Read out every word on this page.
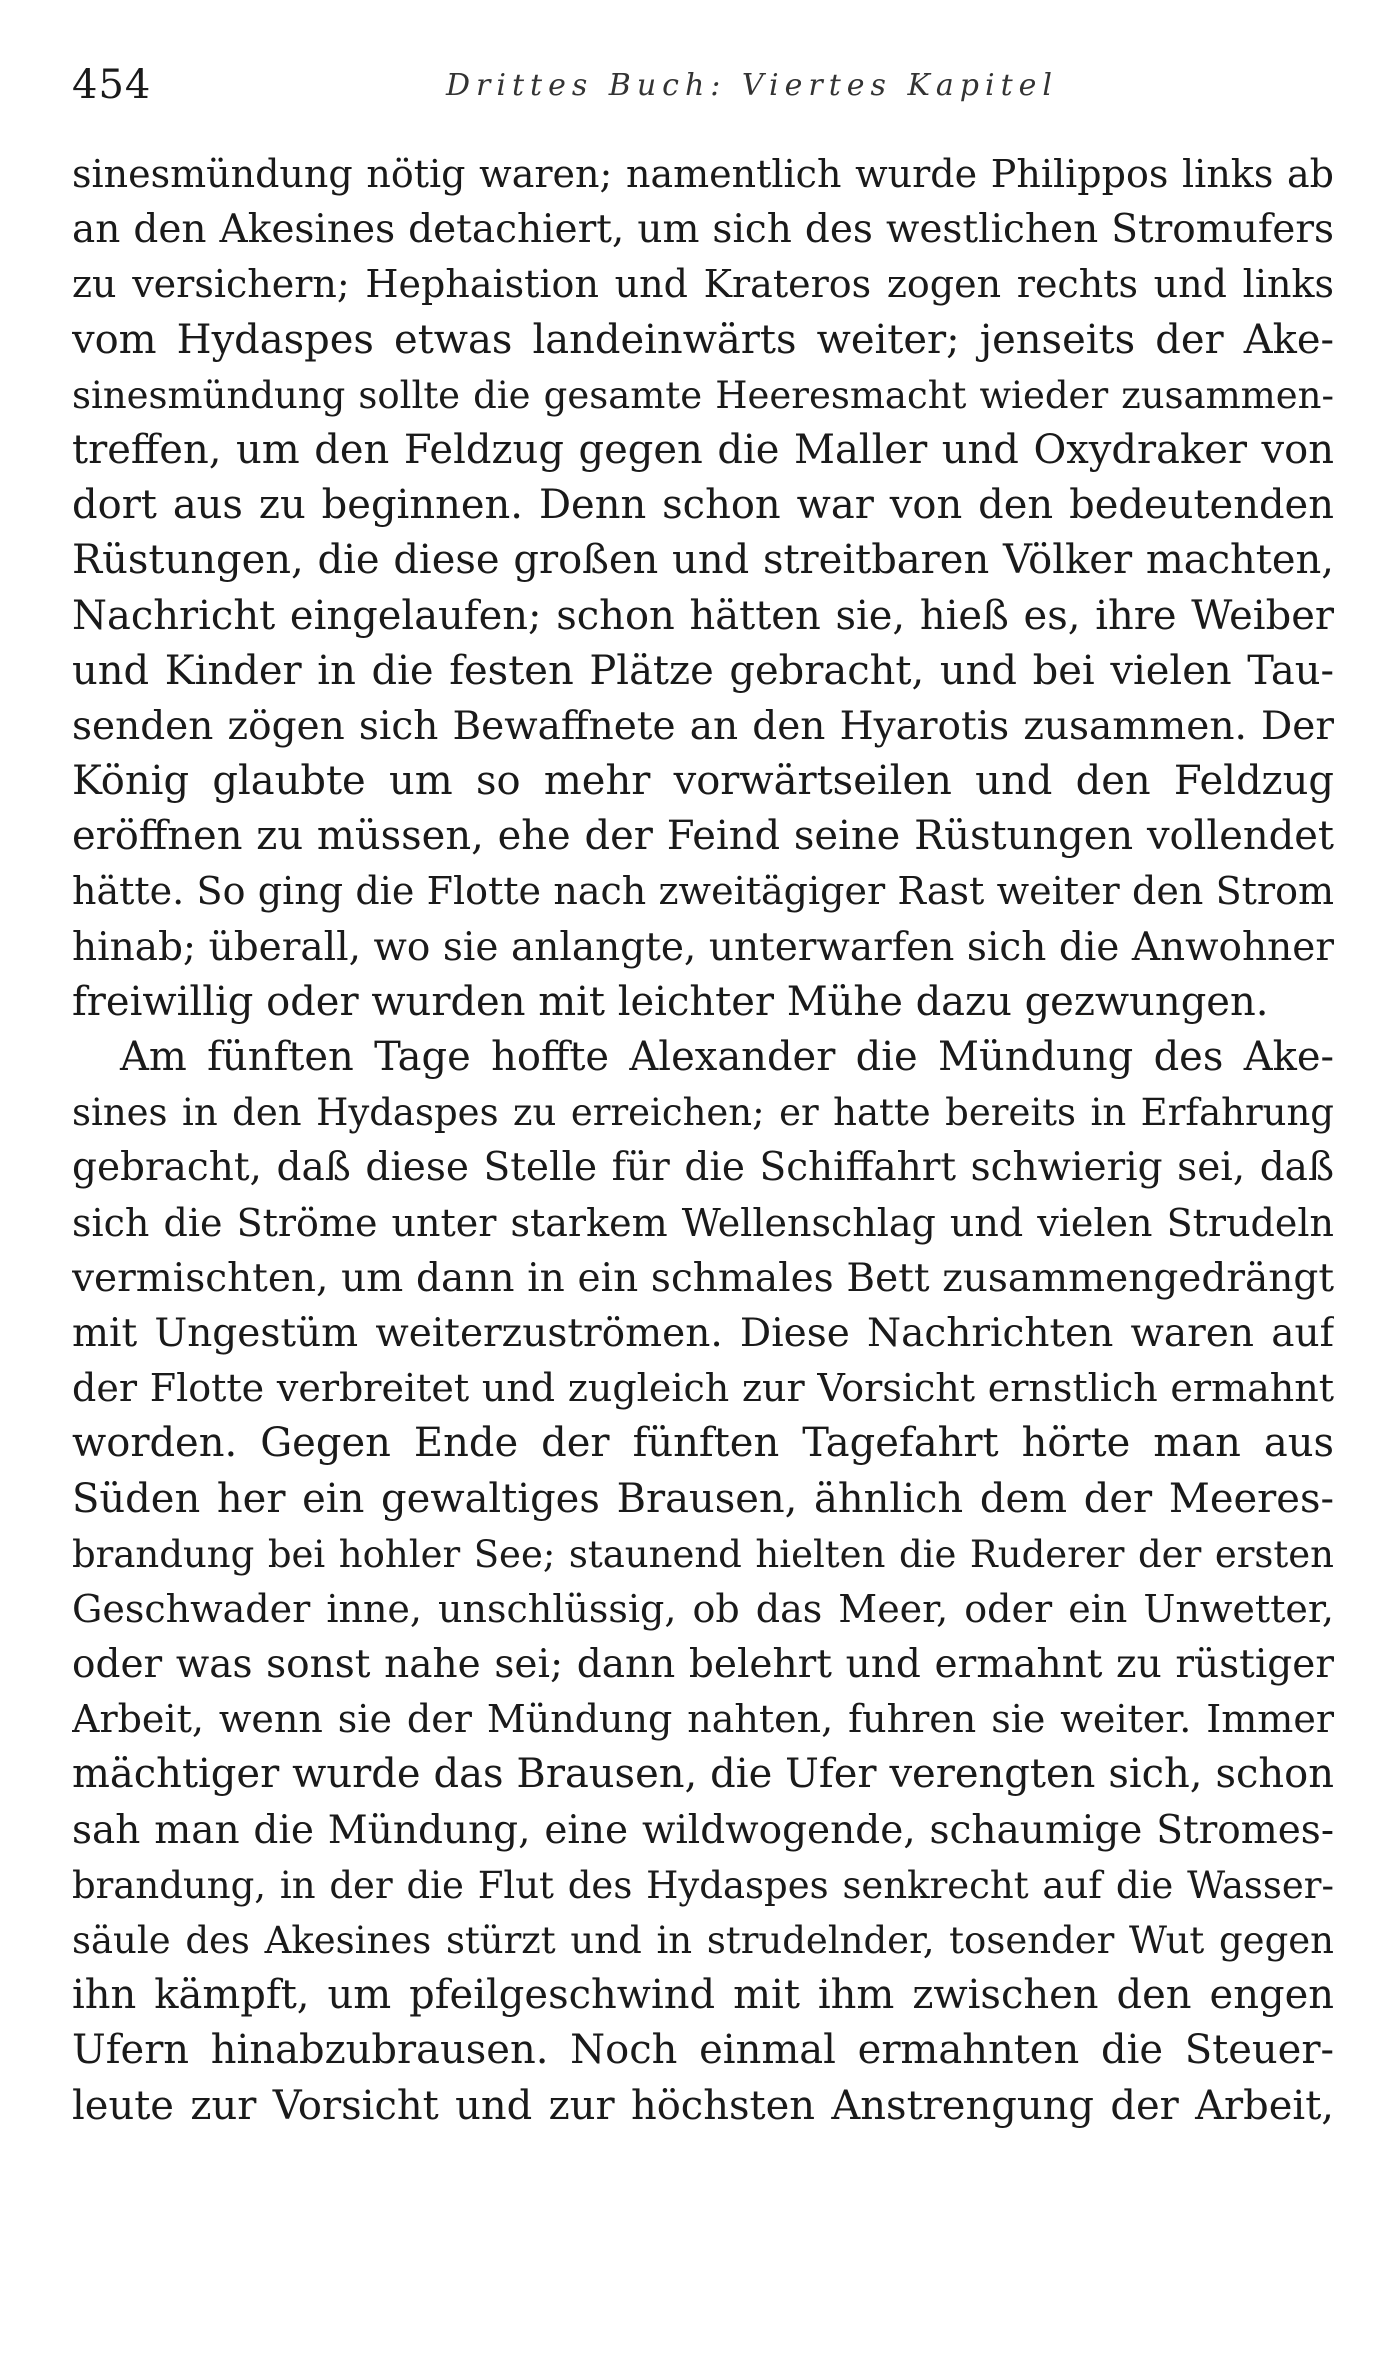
454	Drittes Buch: Viertes Kapitel
sinesmündung nötig waren; namentlich wurde Philippos links ab
an den Akesines detachiert, um sich des westlichen Stromufers
zu versichern; Hephaistion und Krateros zogen rechts und links
vom Hydaspes etwas landeinwärts weiter; jenseits der Ake-
sinesmündung sollte die gesamte Heeresmacht wieder zusammen-
treffen, um den Feldzug gegen die Maller und Oxydraker von
dort aus zu beginnen. Denn schon war von den bedeutenden
Rüstungen, die diese großen und streitbaren Völker machten,
Nachricht eingelaufen; schon hätten sie, hieß es, ihre Weiber
und Kinder in die festen Plätze gebracht, und bei vielen Tau-
senden zögen sich Bewaffnete an den Hyarotis zusammen. Der
König glaubte um so mehr vorwärtseilen und den Feldzug
eröffnen zu müssen, ehe der Feind seine Rüstungen vollendet
hätte. So ging die Flotte nach zweitägiger Rast weiter den Strom
hinab; überall, wo sie anlangte, unterwarfen sich die Anwohner
freiwillig oder wurden mit leichter Mühe dazu gezwungen.
Am fünften Tage hoffte Alexander die Mündung des Ake-
sines in den Hydaspes zu erreichen; er hatte bereits in Erfahrung
gebracht, daß diese Stelle für die Schiffahrt schwierig sei, daß
sich die Ströme unter starkem Wellenschlag und vielen Strudeln
vermischten, um dann in ein schmales Bett zusammengedrängt
mit Ungestüm weiterzuströmen. Diese Nachrichten waren auf
der Flotte verbreitet und zugleich zur Vorsicht ernstlich ermahnt
worden. Gegen Ende der fünften Tagefahrt hörte man aus
Süden her ein gewaltiges Brausen, ähnlich dem der Meeres-
brandung bei hohler See; staunend hielten die Ruderer der ersten
Geschwader inne, unschlüssig, ob das Meer, oder ein Unwetter,
oder was sonst nahe sei; dann belehrt und ermahnt zu rüstiger
Arbeit, wenn sie der Mündung nahten, fuhren sie weiter. Immer
mächtiger wurde das Brausen, die Ufer verengten sich, schon
sah man die Mündung, eine wildwogende, schaumige Stromes-
brandung, in der die Flut des Hydaspes senkrecht auf die Wasser-
säule des Akesines stürzt und in strudelnder, tosender Wut gegen
ihn kämpft, um pfeilgeschwind mit ihm zwischen den engen
Ufern hinabzubrausen. Noch einmal ermahnten die Steuer-
leute zur Vorsicht und zur höchsten Anstrengung der Arbeit,
